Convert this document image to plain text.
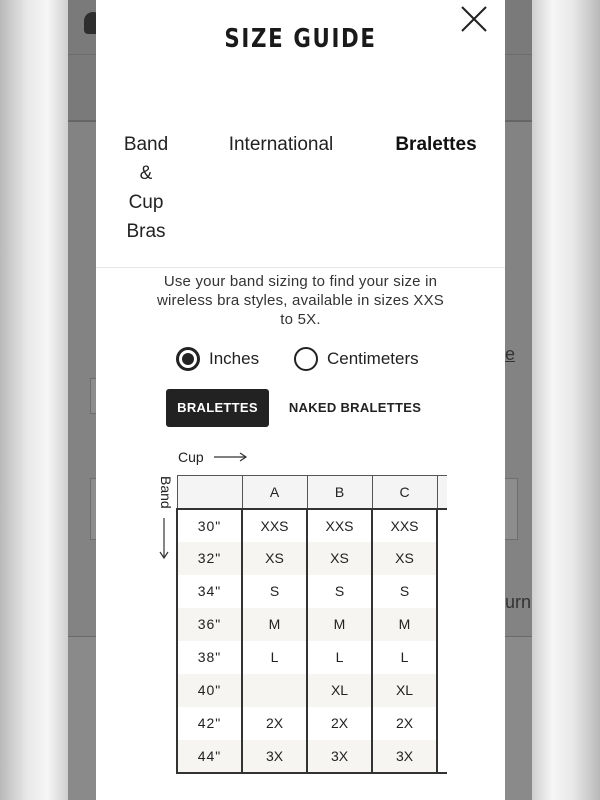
e
urn
SIZE GUIDE
Band
&
Cup
Bras
International	Bralettes
Use your band sizing to find your size in wireless bra styles, available in sizes XXS to 5X.
Inches	Centimeters
BRALETTES	NAKED BRALETTES
Cup
Band
		A	B	C	
30"	XXS	XXS	XXS	
32"	XS	XS	XS	
34"	S	S	S	
36"	M	M	M	
38"	L	L	L	
40"		XL	XL	
42"	2X	2X	2X	
44"	3X	3X	3X	
